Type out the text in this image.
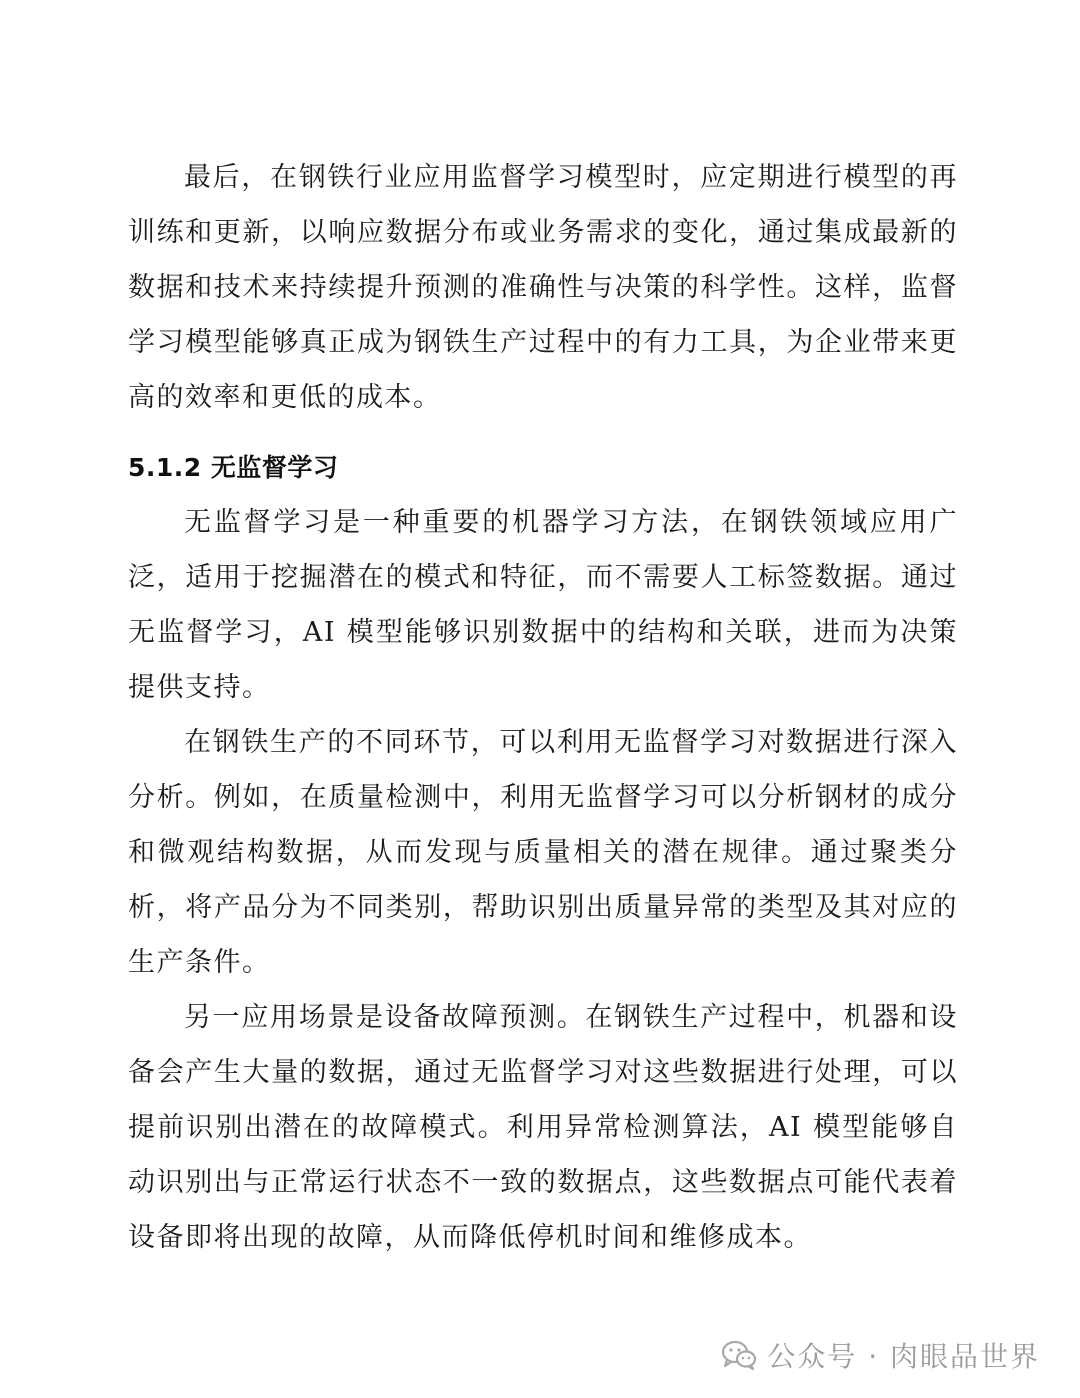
最后，在钢铁行业应用监督学习模型时，应定期进行模型的再训练和更新，以响应数据分布或业务需求的变化，通过集成最新的数据和技术来持续提升预测的准确性与决策的科学性。这样，监督学习模型能够真正成为钢铁生产过程中的有力工具，为企业带来更高的效率和更低的成本。

5.1.2 无监督学习

无监督学习是一种重要的机器学习方法，在钢铁领域应用广泛，适用于挖掘潜在的模式和特征，而不需要人工标签数据。通过无监督学习，AI 模型能够识别数据中的结构和关联，进而为决策提供支持。

在钢铁生产的不同环节，可以利用无监督学习对数据进行深入分析。例如，在质量检测中，利用无监督学习可以分析钢材的成分和微观结构数据，从而发现与质量相关的潜在规律。通过聚类分析，将产品分为不同类别，帮助识别出质量异常的类型及其对应的生产条件。

另一应用场景是设备故障预测。在钢铁生产过程中，机器和设备会产生大量的数据，通过无监督学习对这些数据进行处理，可以提前识别出潜在的故障模式。利用异常检测算法，AI 模型能够自动识别出与正常运行状态不一致的数据点，这些数据点可能代表着设备即将出现的故障，从而降低停机时间和维修成本。

公众号 · 肉眼品世界
